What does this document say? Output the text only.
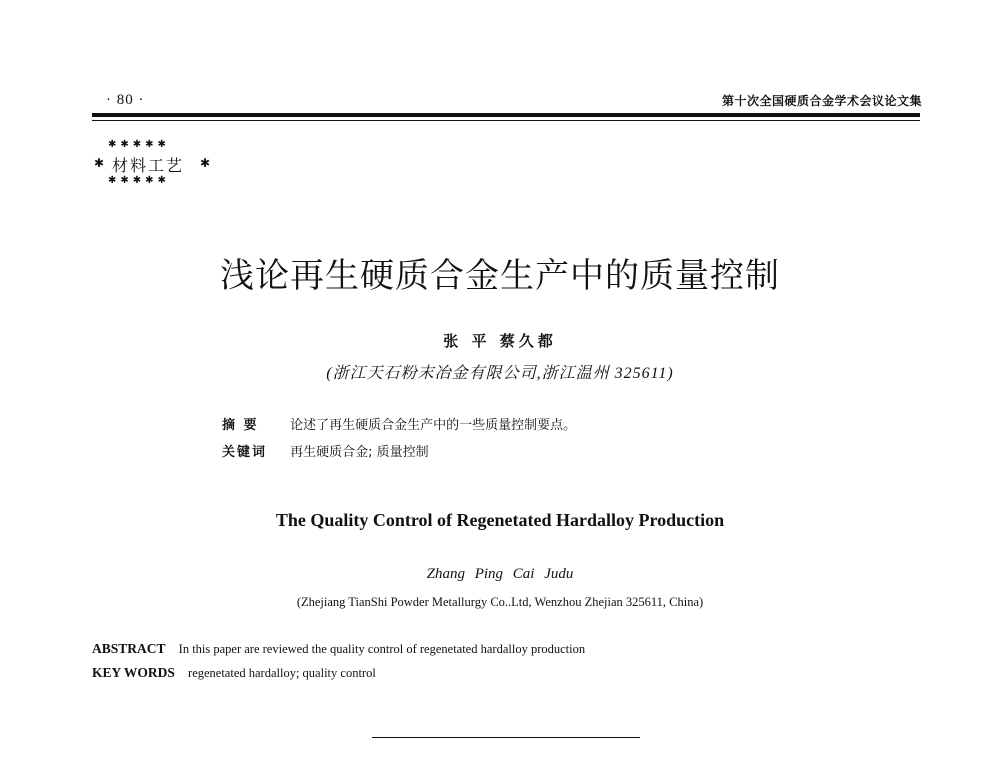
· 80 ·	第十次全国硬质合金学术会议论文集
✱✱✱✱✱
✱ 材料工艺 ✱
✱✱✱✱✱
浅论再生硬质合金生产中的质量控制
张 平 蔡久都
(浙江天石粉末冶金有限公司,浙江温州 325611)
摘 要 论述了再生硬质合金生产中的一些质量控制要点。
关键词 再生硬质合金; 质量控制
The Quality Control of Regenetated Hardalloy Production
Zhang Ping Cai Judu
(Zhejiang TianShi Powder Metallurgy Co..Ltd, Wenzhou Zhejian 325611, China)
ABSTRACT In this paper are reviewed the quality control of regenetated hardalloy production
KEY WORDS regenetated hardalloy; quality control
